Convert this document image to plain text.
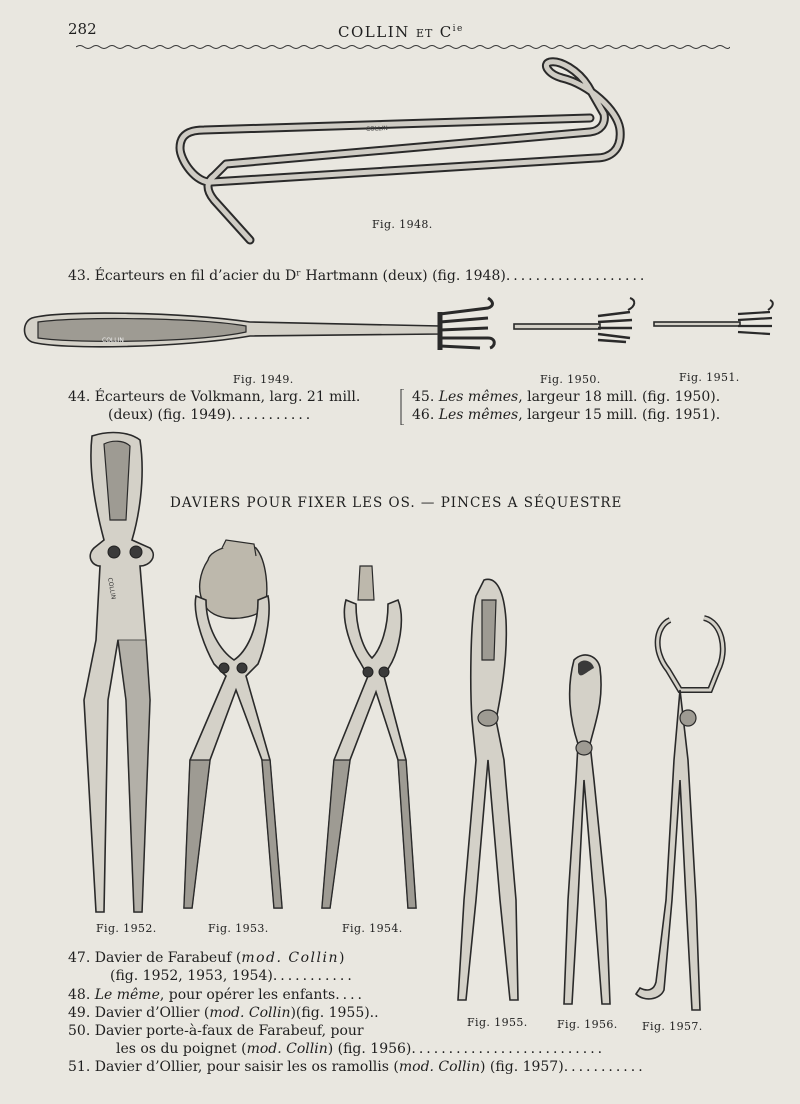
282	COLLIN ET $C^{ie}$
COLLIN
COLLIN
COLLIN
Fig. 1948.
Fig. 1949.	Fig. 1950.	Fig. 1951.
Fig. 1952.	Fig. 1953.	Fig. 1954.
Fig. 1955.	Fig. 1956. Fig. 1957.
43. Écarteurs en fil d’acier du Dʳ Hartmann (deux) (fig. 1948)...................
44. Écarteurs de Volkmann, larg. 21 mill.
(deux) (fig. 1949)...........
45. Les mêmes, largeur 18 mill. (fig. 1950).
46. Les mêmes, largeur 15 mill. (fig. 1951).
DAVIERS POUR FIXER LES OS. — PINCES A SÉQUESTRE
47. Davier de Farabeuf (mod. Collin)
(fig. 1952, 1953, 1954)...........
48. Le même, pour opérer les enfants....
49. Davier d’Ollier (mod. Collin)(fig. 1955)..
50. Davier porte-à-faux de Farabeuf, pour
les os du poignet (mod. Collin) (fig. 1956)..........................
51. Davier d’Ollier, pour saisir les os ramollis (mod. Collin) (fig. 1957)...........
